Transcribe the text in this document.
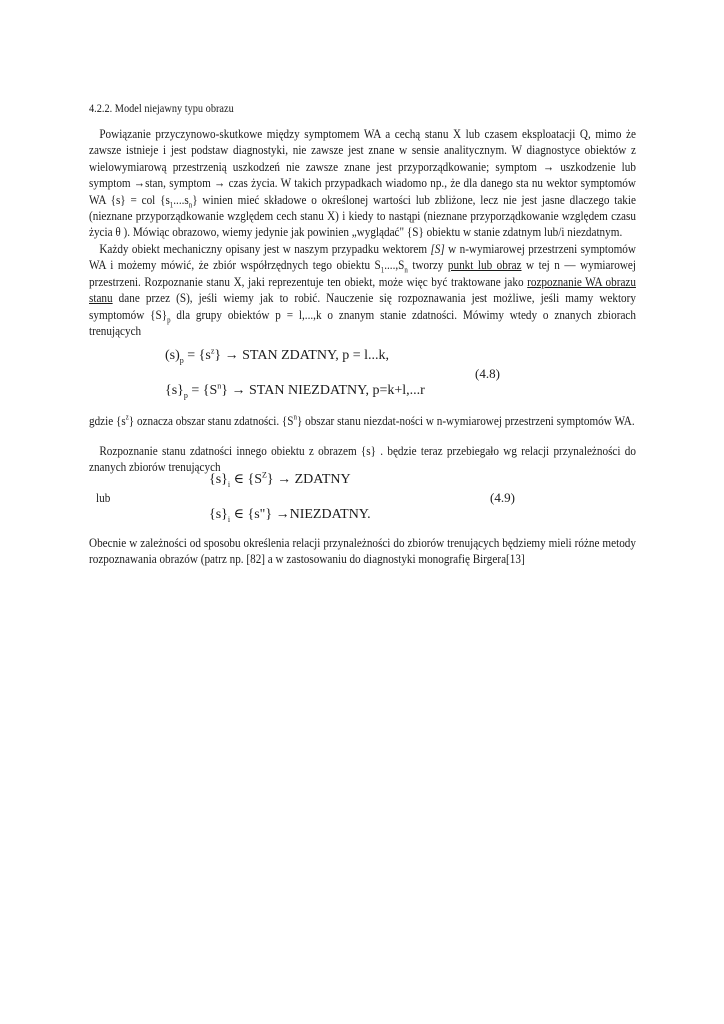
4.2.2. Model niejawny typu obrazu
Powiązanie przyczynowo-skutkowe między symptomem WA a cechą stanu X lub czasem eksploatacji Q, mimo że zawsze istnieje i jest podstaw diagnostyki, nie zawsze jest znane w sensie analitycznym. W diagnostyce obiektów z wielowymiarową przestrzenią uszkodzeń nie zawsze znane jest przyporządkowanie; symptom → uszkodzenie lub symptom →stan, symptom → czas życia. W takich przypadkach wiadomo np., że dla danego sta nu wektor symptomów WA {s} = col $\{s_1....s_n\}$ winien mieć składowe o określonej wartości lub zbliżone, lecz nie jest jasne dlaczego takie (nieznane przyporządkowanie względem cech stanu X) i kiedy to nastąpi (nieznane przyporządkowanie względem czasu życia θ ). Mówiąc obrazowo, wiemy jedynie jak powinien „wyglądać" {S} obiektu w stanie zdatnym lub/i niezdatnym.
Każdy obiekt mechaniczny opisany jest w naszym przypadku wektorem [S] w n-wymiarowej przestrzeni symptomów WA i możemy mówić, że zbiór współrzędnych tego obiektu $S_1....,S_n$ tworzy punkt lub obraz w tej n — wymiarowej przestrzeni. Rozpoznanie stanu X, jaki reprezentuje ten obiekt, może więc być traktowane jako rozpoznanie WA obrazu stanu dane przez (S), jeśli wiemy jak to robić. Nauczenie się rozpoznawania jest możliwe, jeśli mamy wektory symptomów $\{S\}_p$ dla grupy obiektów p = l,...,k o znanym stanie zdatności. Mówimy wtedy o znanych zbiorach trenujących
$(s)_p = \{s^z\}$ → STAN ZDATNY, p = l...k,
(4.8)
$\{s\}_p = \{S^n\}$ → STAN NIEZDATNY, p=k+l,...r
gdzie $\{s^z\}$ oznacza obszar stanu zdatności. $\{S^n\}$ obszar stanu niezdat-ności w n-wymiarowej przestrzeni symptomów WA.
Rozpoznanie stanu zdatności innego obiektu z obrazem {s} . będzie teraz przebiegało wg relacji przynależności do znanych zbiorów trenujących
$\{s\}_i$ ∈ $\{S^Z\}$ → ZDATNY
lub	(4.9)
$\{s\}_i$ ∈ {s"} →NIEZDATNY.
Obecnie w zależności od sposobu określenia relacji przynależności do zbiorów trenujących będziemy mieli różne metody rozpoznawania obrazów (patrz np. [82] a w zastosowaniu do diagnostyki monografię Birgera[13]
